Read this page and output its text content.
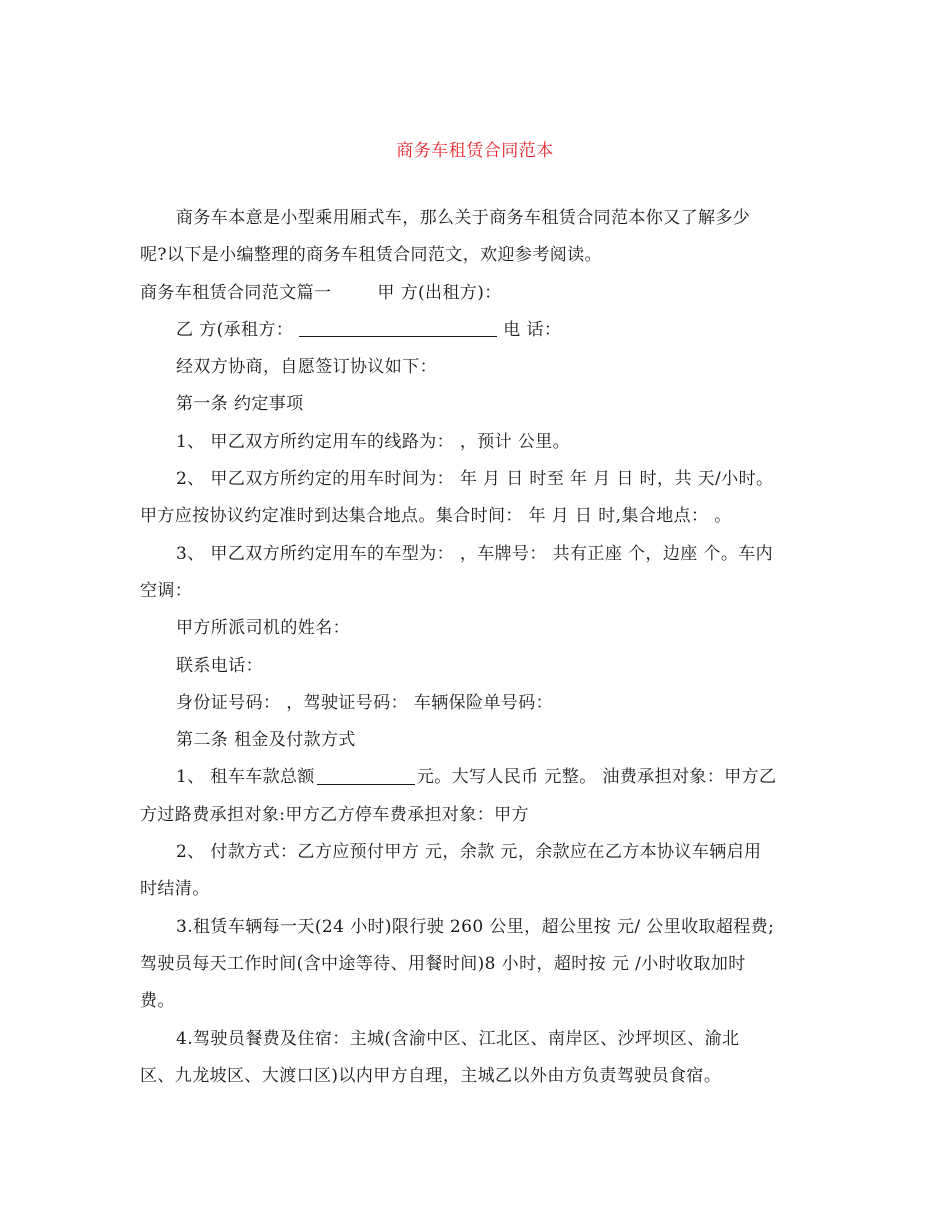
商务车租赁合同范本
商务车本意是小型乘用厢式车，那么关于商务车租赁合同范本你又了解多少
呢?以下是小编整理的商务车租赁合同范文，欢迎参考阅读。
商务车租赁合同范文篇一	甲 方(出租方)：
乙 方(承租方：	电 话：
经双方协商，自愿签订协议如下：
第一条 约定事项
1、 甲乙双方所约定用车的线路为： ，预计 公里。
2、 甲乙双方所约定的用车时间为： 年 月 日 时至 年 月 日 时，共 天/小时。
甲方应按协议约定准时到达集合地点。集合时间： 年 月 日 时,集合地点： 。
3、 甲乙双方所约定用车的车型为： ，车牌号： 共有正座 个，边座 个。车内
空调：
甲方所派司机的姓名：
联系电话：
身份证号码： ，驾驶证号码： 车辆保险单号码：
第二条 租金及付款方式
1、 租车车款总额	元。大写人民币 元整。 油费承担对象：甲方乙
方过路费承担对象:甲方乙方停车费承担对象：甲方
2、 付款方式：乙方应预付甲方 元，余款 元，余款应在乙方本协议车辆启用
时结清。
3.租赁车辆每一天(24 小时)限行驶 260 公里，超公里按 元/ 公里收取超程费;
驾驶员每天工作时间(含中途等待、用餐时间)8 小时，超时按 元 /小时收取加时
费。
4.驾驶员餐费及住宿：主城(含渝中区、江北区、南岸区、沙坪坝区、渝北
区、九龙坡区、大渡口区)以内甲方自理，主城乙以外由方负责驾驶员食宿。
